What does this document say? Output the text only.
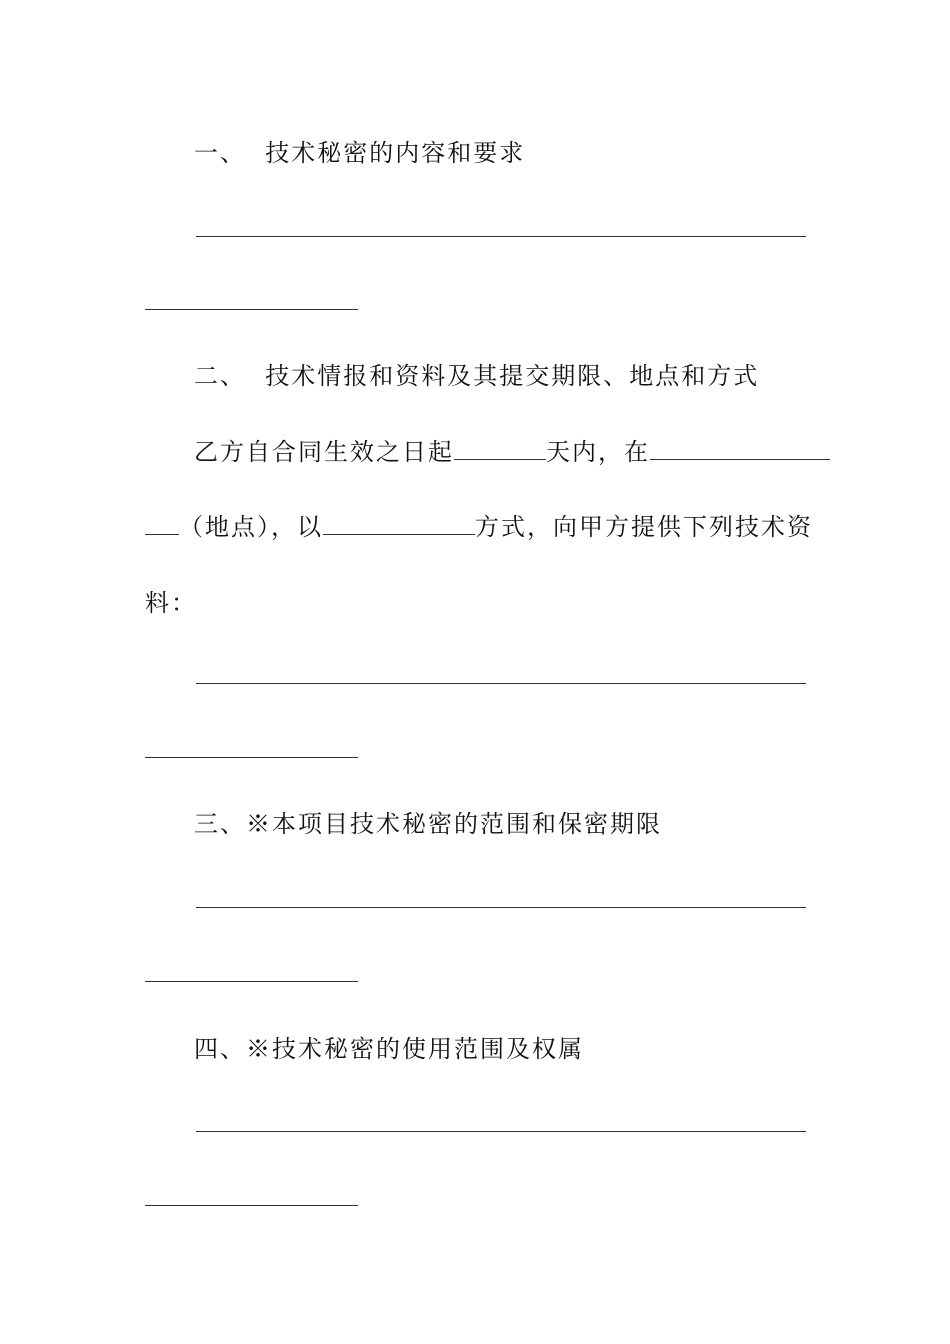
一、  技术秘密的内容和要求
二、  技术情报和资料及其提交期限、地点和方式
乙方自合同生效之日起	天内，在
（地点），以	方式，向甲方提供下列技术资
料：
三、※本项目技术秘密的范围和保密期限
四、※技术秘密的使用范围及权属
